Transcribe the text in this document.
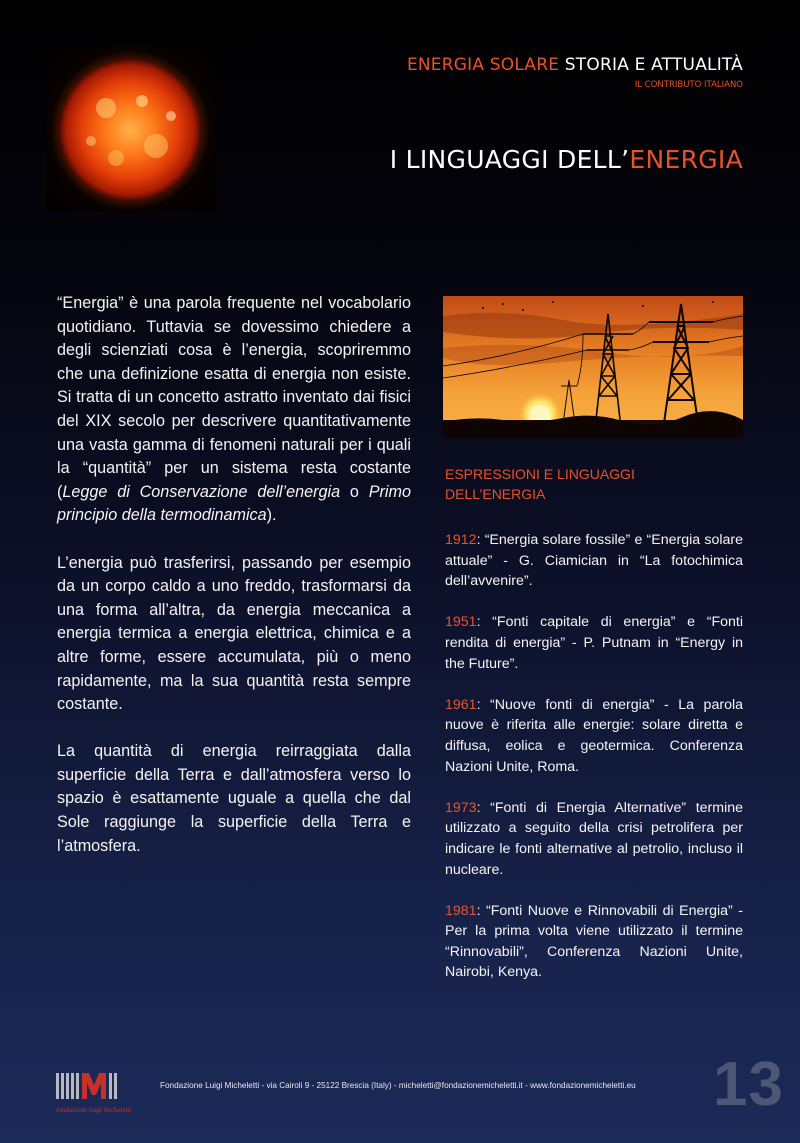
ENERGIA SOLARE STORIA E ATTUALITÀ
IL CONTRIBUTO ITALIANO
I LINGUAGGI DELL’ENERGIA

“Energia” è una parola frequente nel vocabolario quotidiano. Tuttavia se dovessimo chiedere a degli scienziati cosa è l’energia, scopriremmo che una definizione esatta di energia non esiste. Si tratta di un concetto astratto inventato dai fisici del XIX secolo per descrivere quantitativamente una vasta gamma di fenomeni naturali per i quali la “quantità” per un sistema resta costante (Legge di Conservazione dell’energia o Primo principio della termodinamica).

L’energia può trasferirsi, passando per esempio da un corpo caldo a uno freddo, trasformarsi da una forma all’altra, da energia meccanica a energia termica a energia elettrica, chimica e a altre forme, essere accumulata, più o meno rapidamente, ma la sua quantità resta sempre costante.

La quantità di energia reirraggiata dalla superficie della Terra e dall’atmosfera verso lo spazio è esattamente uguale a quella che dal Sole raggiunge la superficie della Terra e l’atmosfera.

ESPRESSIONI E LINGUAGGI
DELL’ENERGIA

1912: “Energia solare fossile” e “Energia solare attuale” - G. Ciamician in “La fotochimica dell’avvenire”.

1951: “Fonti capitale di energia” e “Fonti rendita di energia” - P. Putnam in “Energy in the Future”.

1961: “Nuove fonti di energia” - La parola nuove è riferita alle energie: solare diretta e diffusa, eolica e geotermica. Conferenza Nazioni Unite, Roma.

1973: “Fonti di Energia Alternative” termine utilizzato a seguito della crisi petrolifera per indicare le fonti alternative al petrolio, incluso il nucleare.

1981: “Fonti Nuove e Rinnovabili di Energia” - Per la prima volta viene utilizzato il termine “Rinnovabili”, Conferenza Nazioni Unite, Nairobi, Kenya.

fondazione luigi micheletti
Fondazione Luigi Micheletti - via Cairoli 9 - 25122 Brescia (Italy) - micheletti@fondazionemicheletti.it - www.fondazionemicheletti.eu 13
